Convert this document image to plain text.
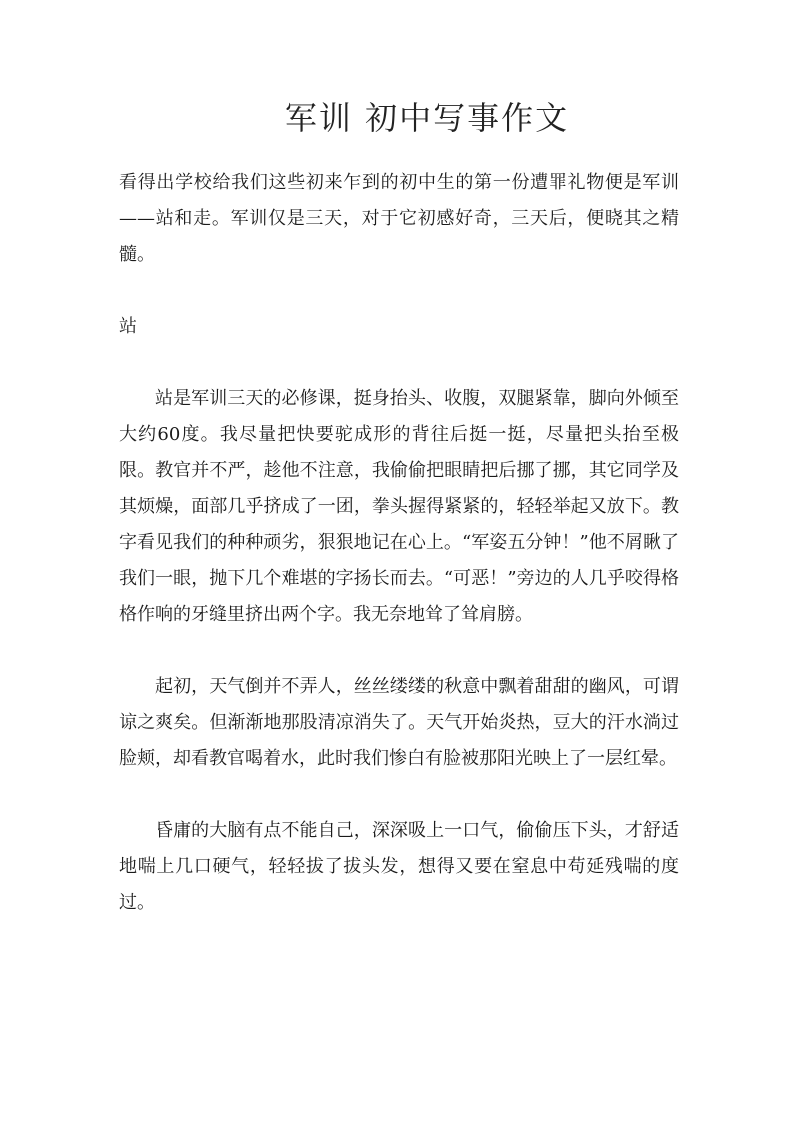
军训 初中写事作文

看得出学校给我们这些初来乍到的初中生的第一份遭罪礼物便是军训——站和走。军训仅是三天，对于它初感好奇，三天后，便晓其之精髓。

站

站是军训三天的必修课，挺身抬头、收腹，双腿紧靠，脚向外倾至大约60度。我尽量把快要驼成形的背往后挺一挺，尽量把头抬至极限。教官并不严，趁他不注意，我偷偷把眼睛把后挪了挪，其它同学及其烦燥，面部几乎挤成了一团，拳头握得紧紧的，轻轻举起又放下。教字看见我们的种种顽劣，狠狠地记在心上。“军姿五分钟！”他不屑瞅了我们一眼，抛下几个难堪的字扬长而去。“可恶！”旁边的人几乎咬得格格作响的牙缝里挤出两个字。我无奈地耸了耸肩膀。

起初，天气倒并不弄人，丝丝缕缕的秋意中飘着甜甜的幽风，可谓谅之爽矣。但渐渐地那股清凉消失了。天气开始炎热，豆大的汗水淌过脸颊，却看教官喝着水，此时我们惨白有脸被那阳光映上了一层红晕。

昏庸的大脑有点不能自己，深深吸上一口气，偷偷压下头，才舒适地喘上几口硬气，轻轻拔了拔头发，想得又要在窒息中苟延残喘的度过。
